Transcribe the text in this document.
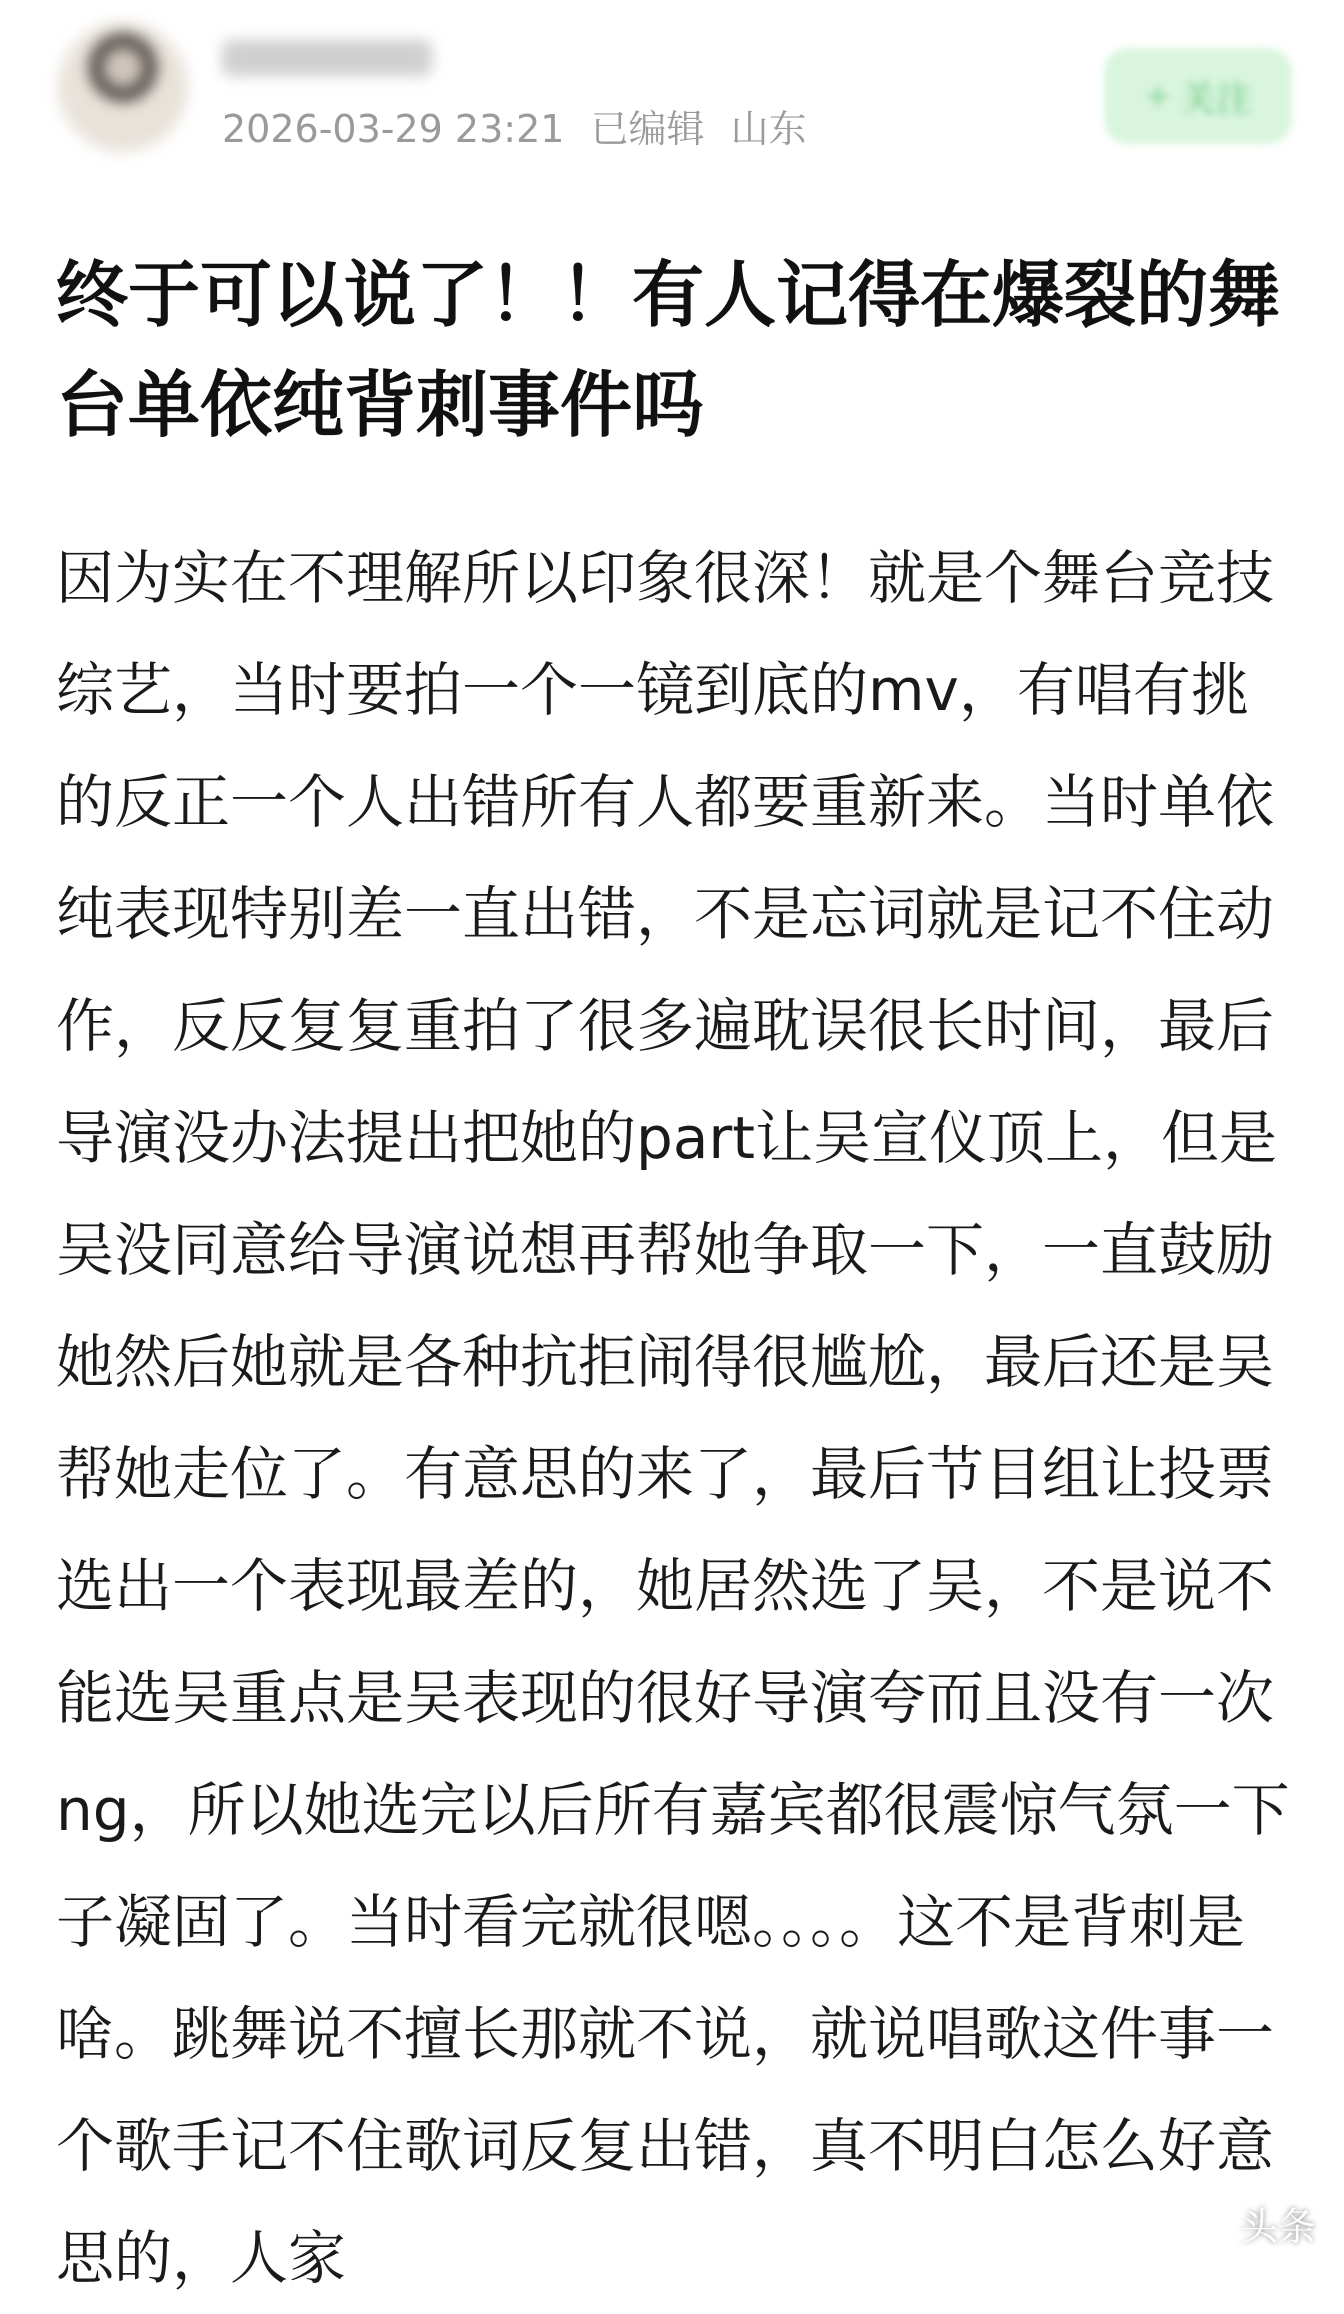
2026-03-29 23:21 已编辑 山东
+ 关注
终于可以说了！！有人记得在爆裂的舞台单依纯背刺事件吗

因为实在不理解所以印象很深！就是个舞台竞技综艺，当时要拍一个一镜到底的mv，有唱有挑的反正一个人出错所有人都要重新来。当时单依纯表现特别差一直出错，不是忘词就是记不住动作，反反复复重拍了很多遍耽误很长时间，最后导演没办法提出把她的part让吴宣仪顶上，但是吴没同意给导演说想再帮她争取一下，一直鼓励她然后她就是各种抗拒闹得很尴尬，最后还是吴帮她走位了。有意思的来了，最后节目组让投票选出一个表现最差的，她居然选了吴，不是说不能选吴重点是吴表现的很好导演夸而且没有一次ng，所以她选完以后所有嘉宾都很震惊气氛一下子凝固了。当时看完就很嗯。。。。这不是背刺是啥。跳舞说不擅长那就不说，就说唱歌这件事一个歌手记不住歌词反复出错，真不明白怎么好意思的，人家	头条
